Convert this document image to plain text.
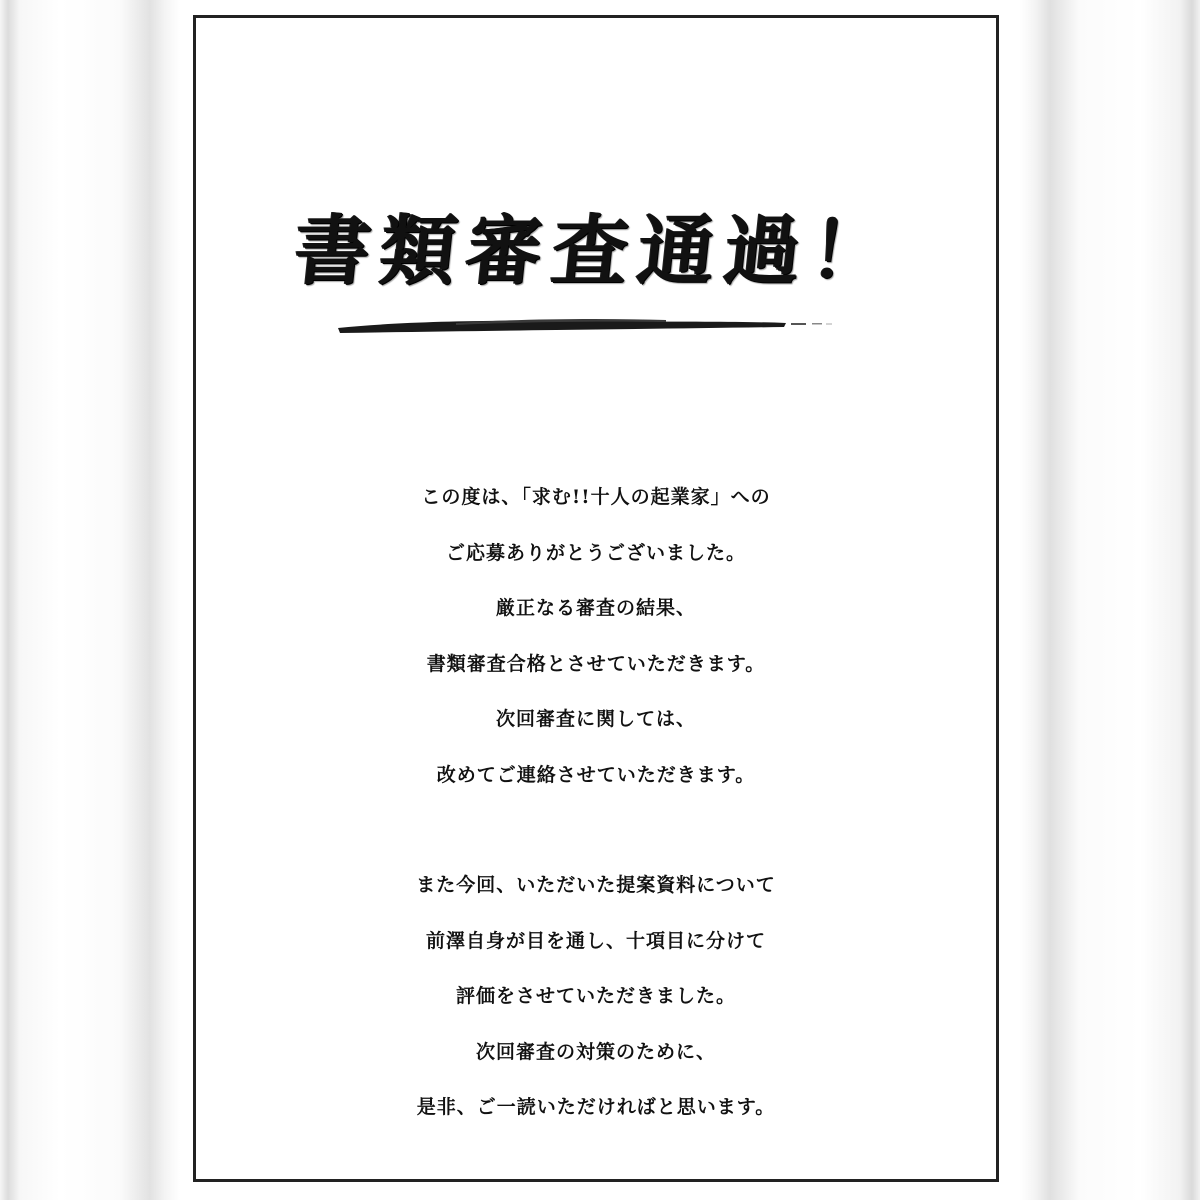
書類審査通過！
この度は、「求む!!十人の起業家」への
ご応募ありがとうございました。
厳正なる審査の結果、
書類審査合格とさせていただきます。
次回審査に関しては、
改めてご連絡させていただきます。
また今回、いただいた提案資料について
前澤自身が目を通し、十項目に分けて
評価をさせていただきました。
次回審査の対策のために、
是非、ご一読いただければと思います。
